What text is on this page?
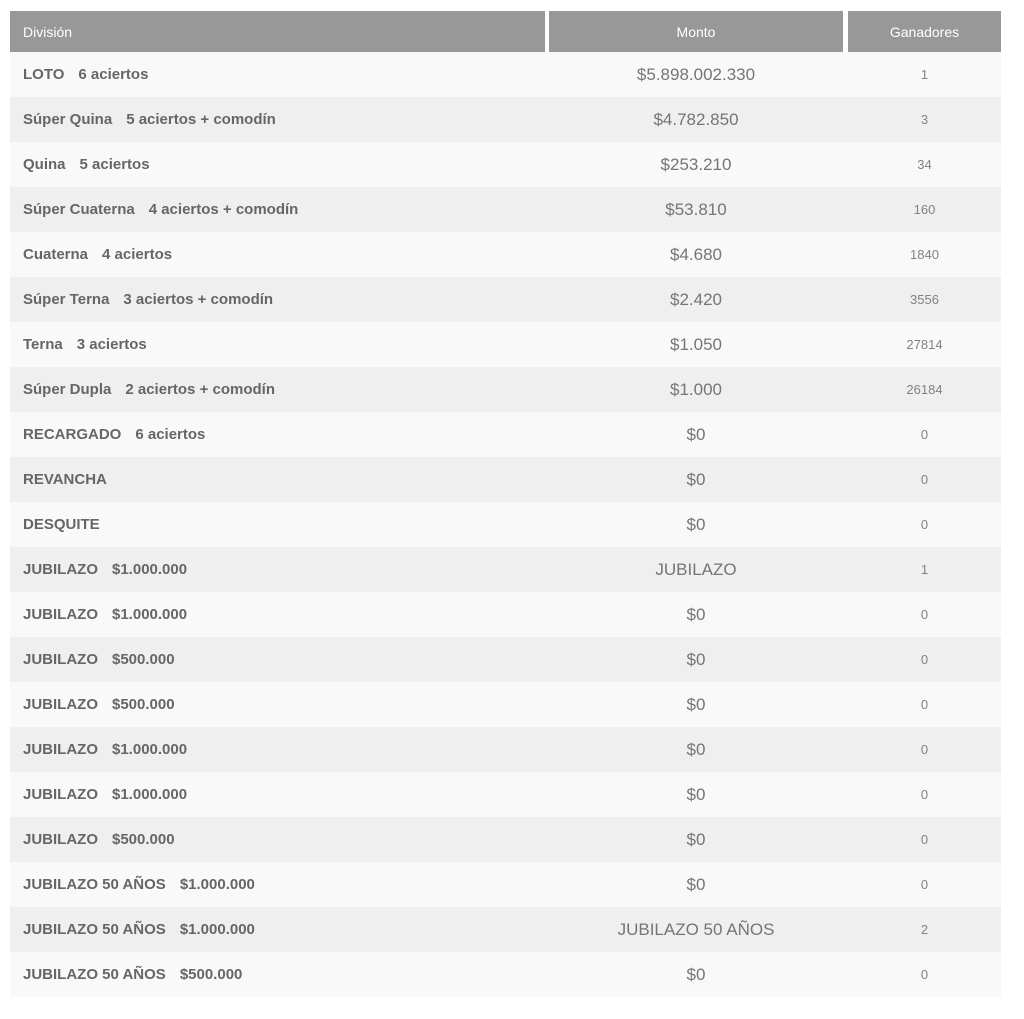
División	Monto	Ganadores
LOTO 6 aciertos	$5.898.002.330	1
Súper Quina 5 aciertos + comodín	$4.782.850	3
Quina 5 aciertos	$253.210	34
Súper Cuaterna 4 aciertos + comodín	$53.810	160
Cuaterna 4 aciertos	$4.680	1840
Súper Terna 3 aciertos + comodín	$2.420	3556
Terna 3 aciertos	$1.050	27814
Súper Dupla 2 aciertos + comodín	$1.000	26184
RECARGADO 6 aciertos	$0	0
REVANCHA	$0	0
DESQUITE	$0	0
JUBILAZO $1.000.000	JUBILAZO	1
JUBILAZO $1.000.000	$0	0
JUBILAZO $500.000	$0	0
JUBILAZO $500.000	$0	0
JUBILAZO $1.000.000	$0	0
JUBILAZO $1.000.000	$0	0
JUBILAZO $500.000	$0	0
JUBILAZO 50 AÑOS $1.000.000	$0	0
JUBILAZO 50 AÑOS $1.000.000	JUBILAZO 50 AÑOS	2
JUBILAZO 50 AÑOS $500.000	$0	0
